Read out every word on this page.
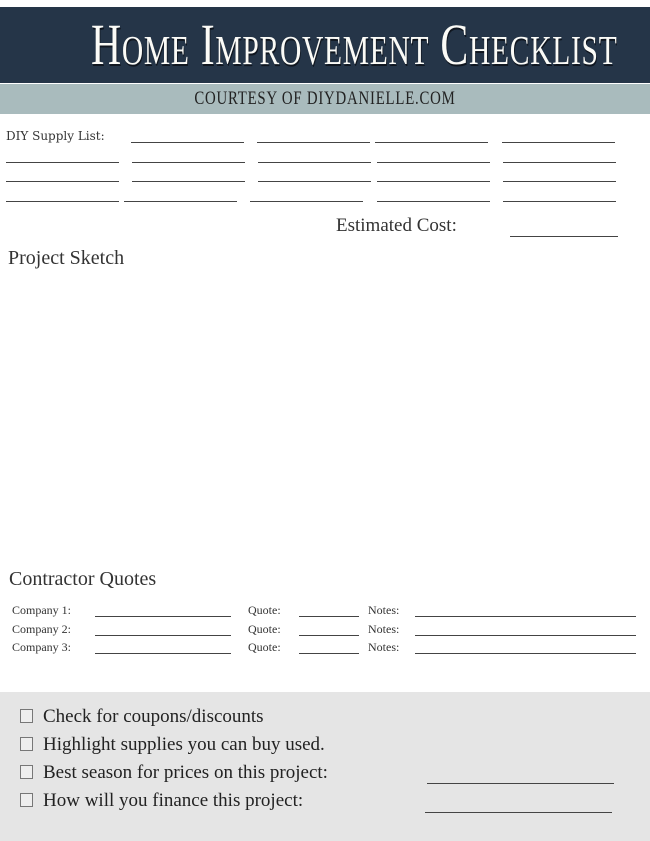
Home Improvement Checklist
COURTESY OF DIYDANIELLE.COM
DIY Supply List:
Estimated Cost:
Project Sketch
Contractor Quotes
Company 1:	Quote:	Notes:
Company 2:	Quote:	Notes:
Company 3:	Quote:	Notes:
Check for coupons/discounts
Highlight supplies you can buy used.
Best season for prices on this project:
How will you finance this project:
